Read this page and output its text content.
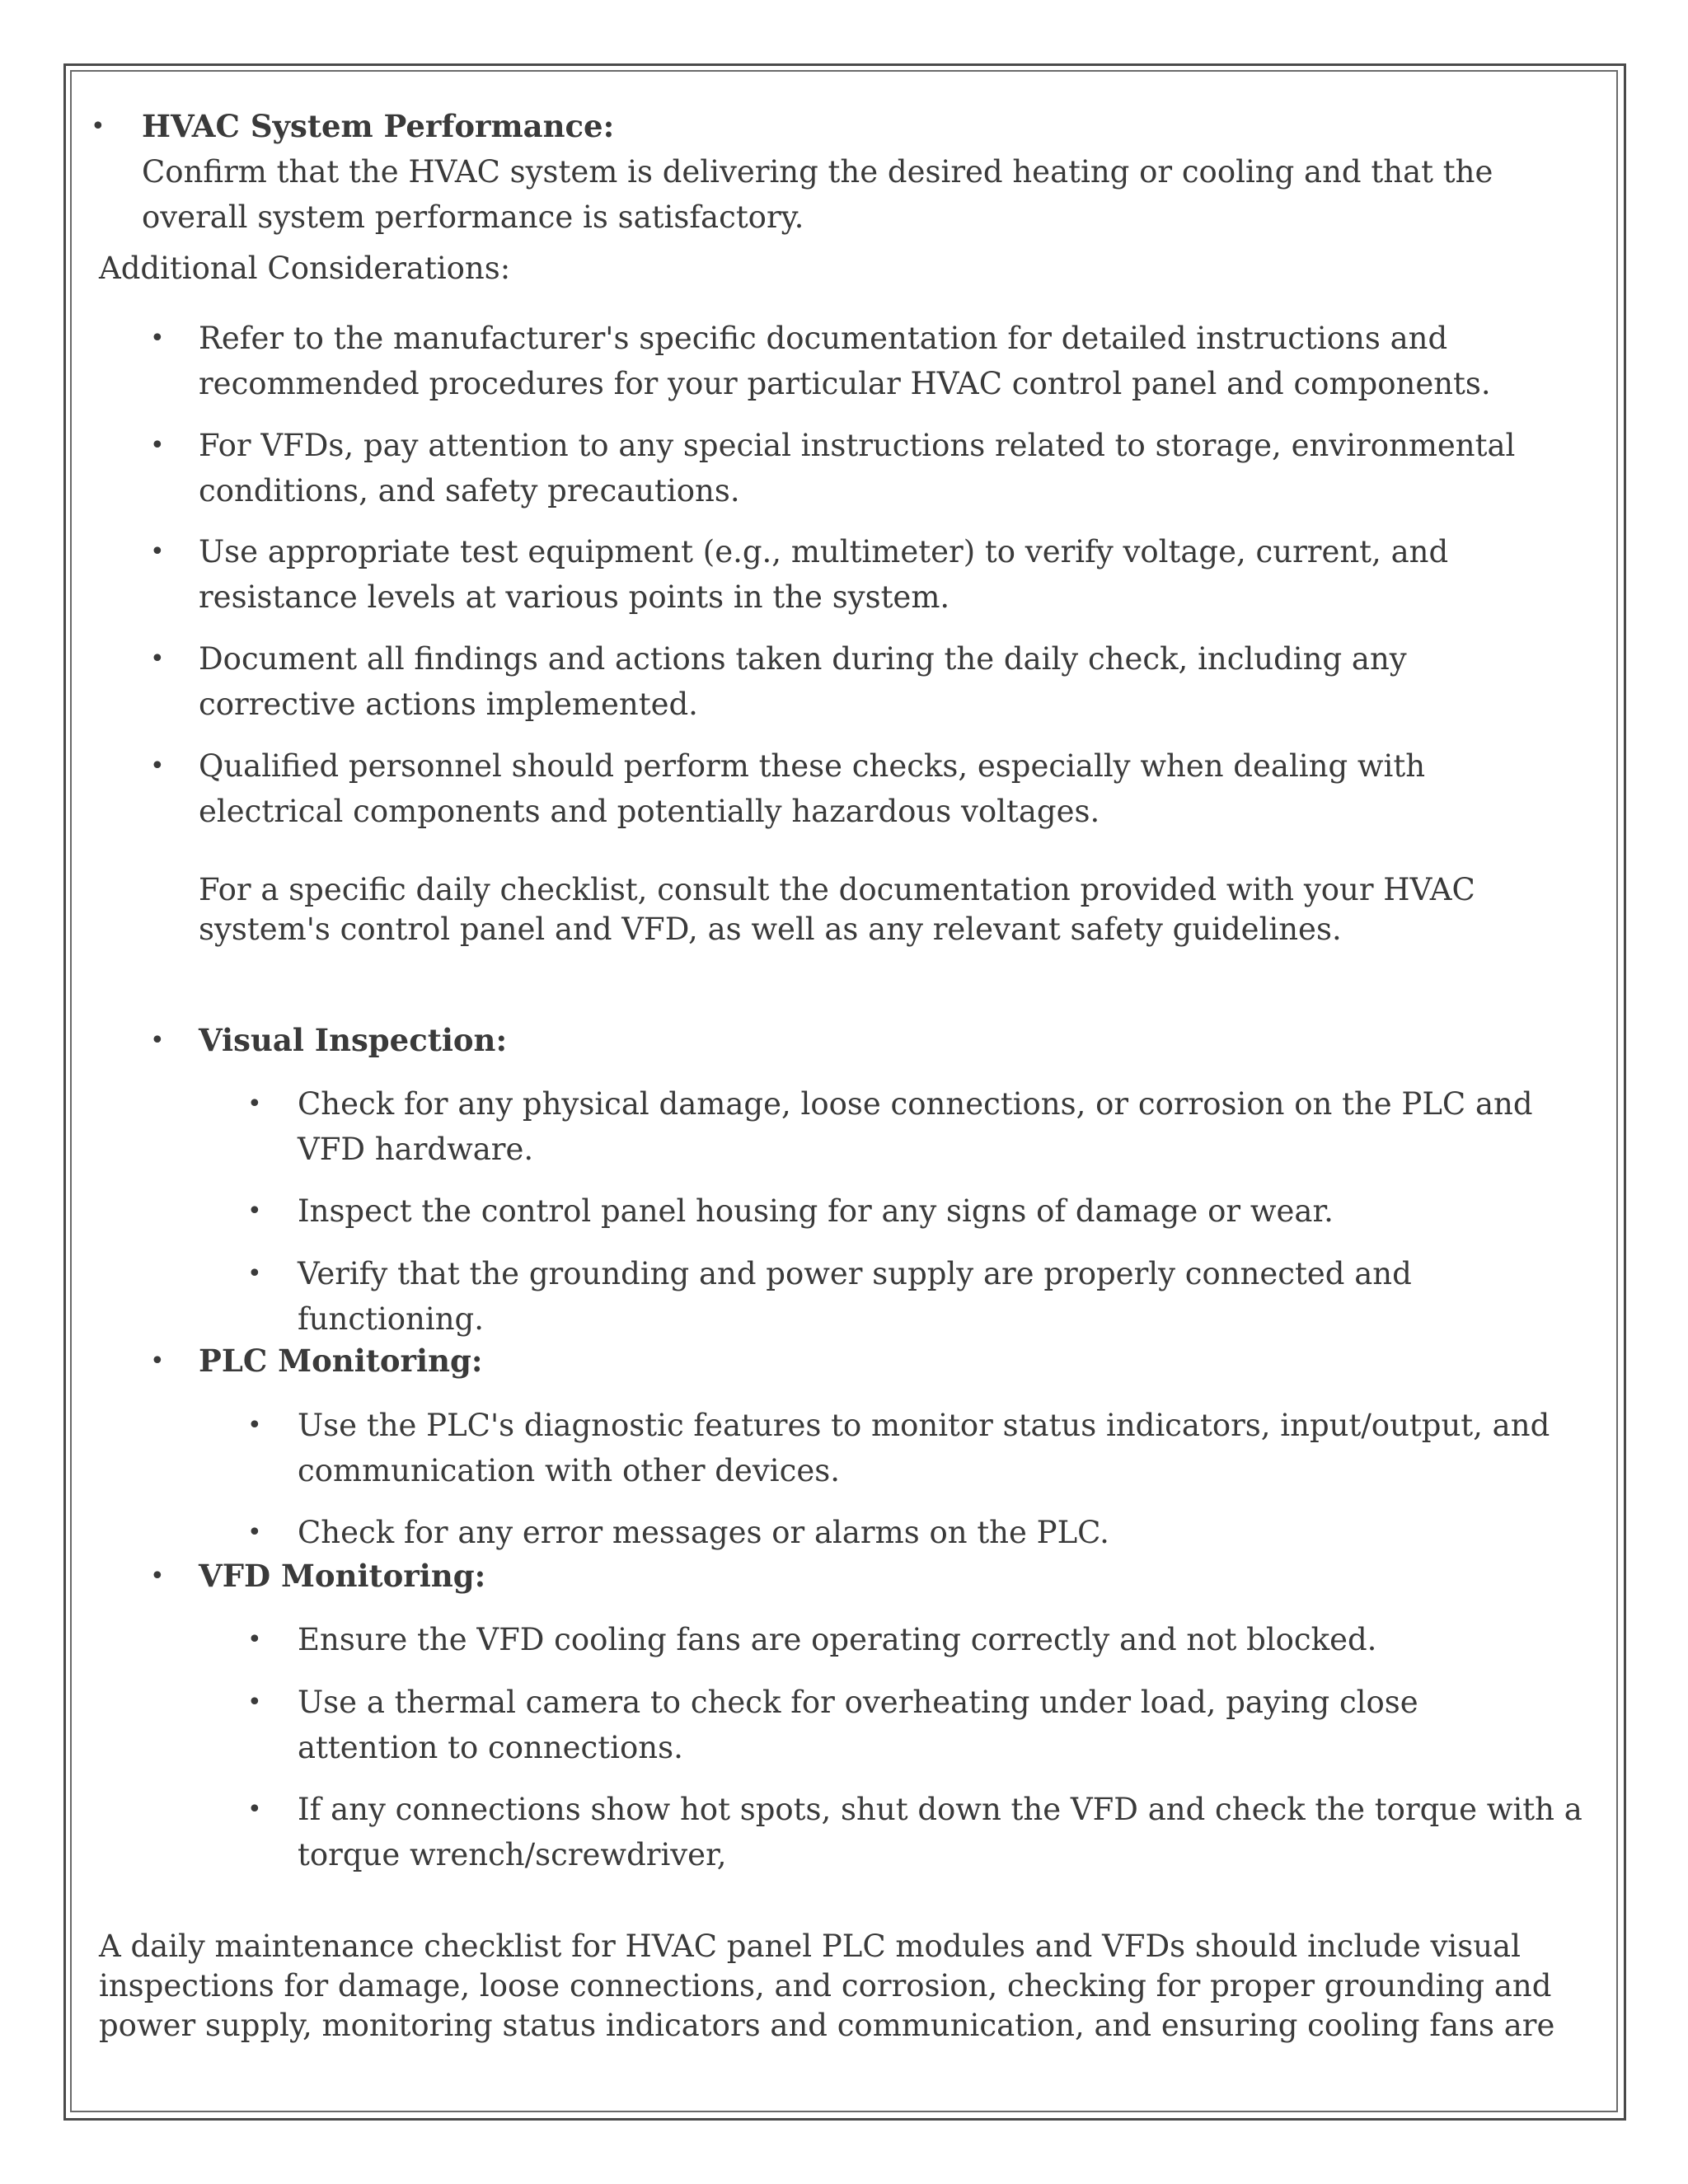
• HVAC System Performance:
Confirm that the HVAC system is delivering the desired heating or cooling and that the overall system performance is satisfactory.
Additional Considerations:
• Refer to the manufacturer's specific documentation for detailed instructions and recommended procedures for your particular HVAC control panel and components.
• For VFDs, pay attention to any special instructions related to storage, environmental conditions, and safety precautions.
• Use appropriate test equipment (e.g., multimeter) to verify voltage, current, and resistance levels at various points in the system.
• Document all findings and actions taken during the daily check, including any corrective actions implemented.
• Qualified personnel should perform these checks, especially when dealing with electrical components and potentially hazardous voltages.
For a specific daily checklist, consult the documentation provided with your HVAC system's control panel and VFD, as well as any relevant safety guidelines.
• Visual Inspection:
• Check for any physical damage, loose connections, or corrosion on the PLC and VFD hardware.
• Inspect the control panel housing for any signs of damage or wear.
• Verify that the grounding and power supply are properly connected and functioning.
• PLC Monitoring:
• Use the PLC's diagnostic features to monitor status indicators, input/output, and communication with other devices.
• Check for any error messages or alarms on the PLC.
• VFD Monitoring:
• Ensure the VFD cooling fans are operating correctly and not blocked.
• Use a thermal camera to check for overheating under load, paying close attention to connections.
• If any connections show hot spots, shut down the VFD and check the torque with a torque wrench/screwdriver,
A daily maintenance checklist for HVAC panel PLC modules and VFDs should include visual inspections for damage, loose connections, and corrosion, checking for proper grounding and power supply, monitoring status indicators and communication, and ensuring cooling fans are
